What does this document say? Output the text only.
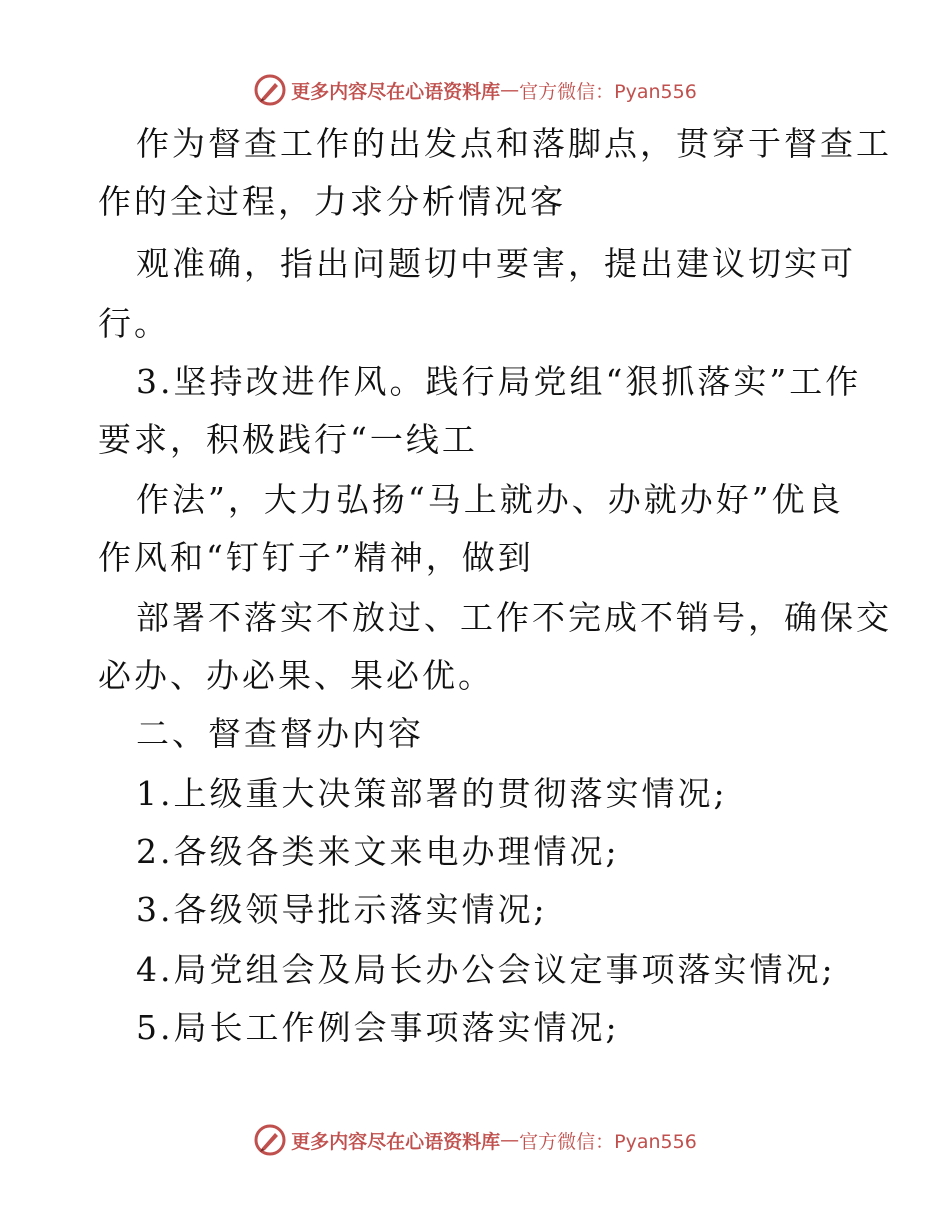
更多内容尽在心语资料库 — 官方微信：Pyan556
作为督查工作的出发点和落脚点，贯穿于督查工
作的全过程，力求分析情况客
观准确，指出问题切中要害，提出建议切实可
行。
3.坚持改进作风。践行局党组“狠抓落实”工作
要求，积极践行“一线工
作法”，大力弘扬“马上就办、办就办好”优良
作风和“钉钉子”精神，做到
部署不落实不放过、工作不完成不销号，确保交
必办、办必果、果必优。
二、督查督办内容
1.上级重大决策部署的贯彻落实情况;
2.各级各类来文来电办理情况;
3.各级领导批示落实情况;
4.局党组会及局长办公会议定事项落实情况;
5.局长工作例会事项落实情况;
更多内容尽在心语资料库 — 官方微信：Pyan556
